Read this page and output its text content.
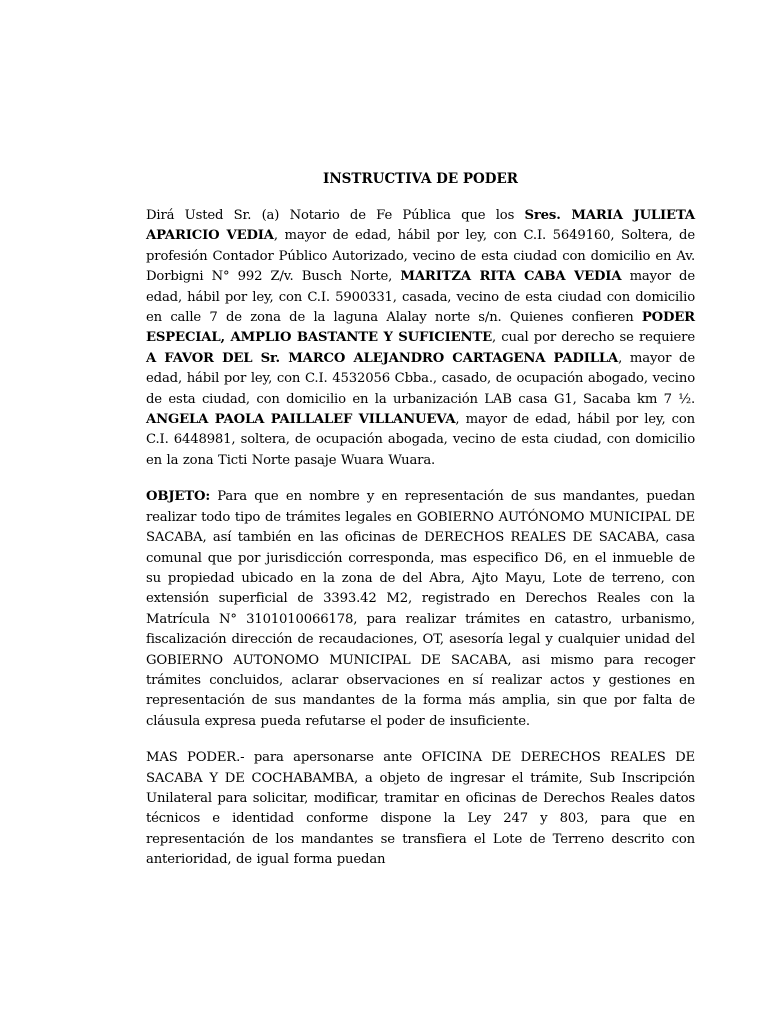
INSTRUCTIVA DE PODER

Dirá Usted Sr. (a) Notario de Fe Pública que los Sres. MARIA JULIETA APARICIO VEDIA, mayor de edad, hábil por ley, con C.I. 5649160, Soltera, de profesión Contador Público Autorizado, vecino de esta ciudad con domicilio en Av. Dorbigni N° 992 Z/v. Busch Norte, MARITZA RITA CABA VEDIA mayor de edad, hábil por ley, con C.I. 5900331, casada, vecino de esta ciudad con domicilio en calle 7 de zona de la laguna Alalay norte s/n. Quienes confieren PODER ESPECIAL, AMPLIO BASTANTE Y SUFICIENTE, cual por derecho se requiere A FAVOR DEL Sr. MARCO ALEJANDRO CARTAGENA PADILLA, mayor de edad, hábil por ley, con C.I. 4532056 Cbba., casado, de ocupación abogado, vecino de esta ciudad, con domicilio en la urbanización LAB casa G1, Sacaba km 7 ½. ANGELA PAOLA PAILLALEF VILLANUEVA, mayor de edad, hábil por ley, con C.I. 6448981, soltera, de ocupación abogada, vecino de esta ciudad, con domicilio en la zona Ticti Norte pasaje Wuara Wuara.

OBJETO: Para que en nombre y en representación de sus mandantes, puedan realizar todo tipo de trámites legales en GOBIERNO AUTÓNOMO MUNICIPAL DE SACABA, así también en las oficinas de DERECHOS REALES DE SACABA, casa comunal que por jurisdicción corresponda, mas especifico D6, en el inmueble de su propiedad ubicado en la zona de del Abra, Ajto Mayu, Lote de terreno, con extensión superficial de 3393.42 M2, registrado en Derechos Reales con la Matrícula N° 3101010066178, para realizar trámites en catastro, urbanismo, fiscalización dirección de recaudaciones, OT, asesoría legal y cualquier unidad del GOBIERNO AUTONOMO MUNICIPAL DE SACABA, asi mismo para recoger trámites concluidos, aclarar observaciones en sí realizar actos y gestiones en representación de sus mandantes de la forma más amplia, sin que por falta de cláusula expresa pueda refutarse el poder de insuficiente.

MAS PODER.- para apersonarse ante OFICINA DE DERECHOS REALES DE SACABA Y DE COCHABAMBA, a objeto de ingresar el trámite, Sub Inscripción Unilateral para solicitar, modificar, tramitar en oficinas de Derechos Reales datos técnicos e identidad conforme dispone la Ley 247 y 803, para que en representación de los mandantes se transfiera el Lote de Terreno descrito con anterioridad, de igual forma puedan
